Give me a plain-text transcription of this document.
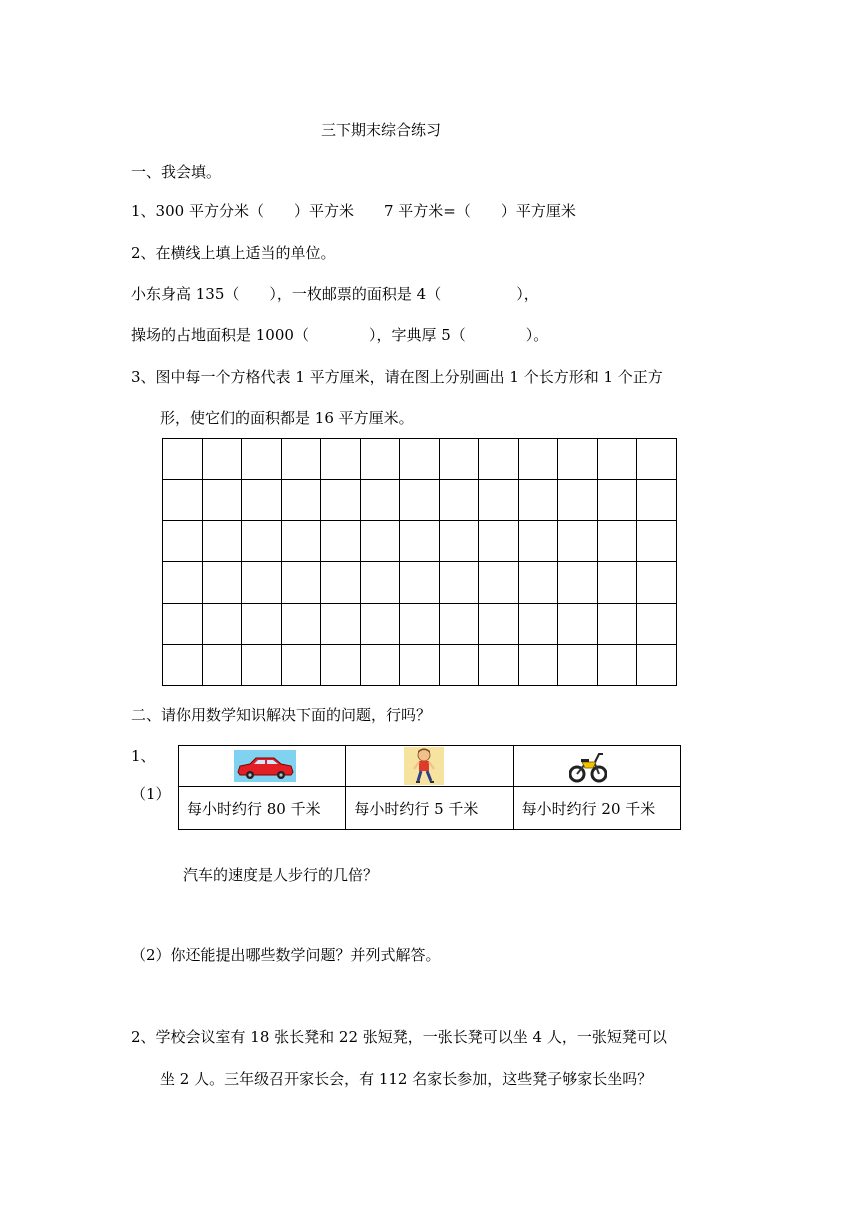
三下期末综合练习
一、我会填。
1、300 平方分米（　　）平方米　　7 平方米=（　　）平方厘米
2、在横线上填上适当的单位。
小东身高 135（　　），一枚邮票的面积是 4（　　　　　），
操场的占地面积是 1000（　　　　），字典厚 5（　　　　）。
3、图中每一个方格代表 1 平方厘米，请在图上分别画出 1 个长方形和 1 个正方
形，使它们的面积都是 16 平方厘米。

二、请你用数学知识解决下面的问题，行吗？
1、
（1）

每小时约行 80 千米	每小时约行 5 千米	每小时约行 20 千米
汽车的速度是人步行的几倍？
（2）你还能提出哪些数学问题？并列式解答。
2、学校会议室有 18 张长凳和 22 张短凳，一张长凳可以坐 4 人，一张短凳可以
坐 2 人。三年级召开家长会，有 112 名家长参加，这些凳子够家长坐吗？
